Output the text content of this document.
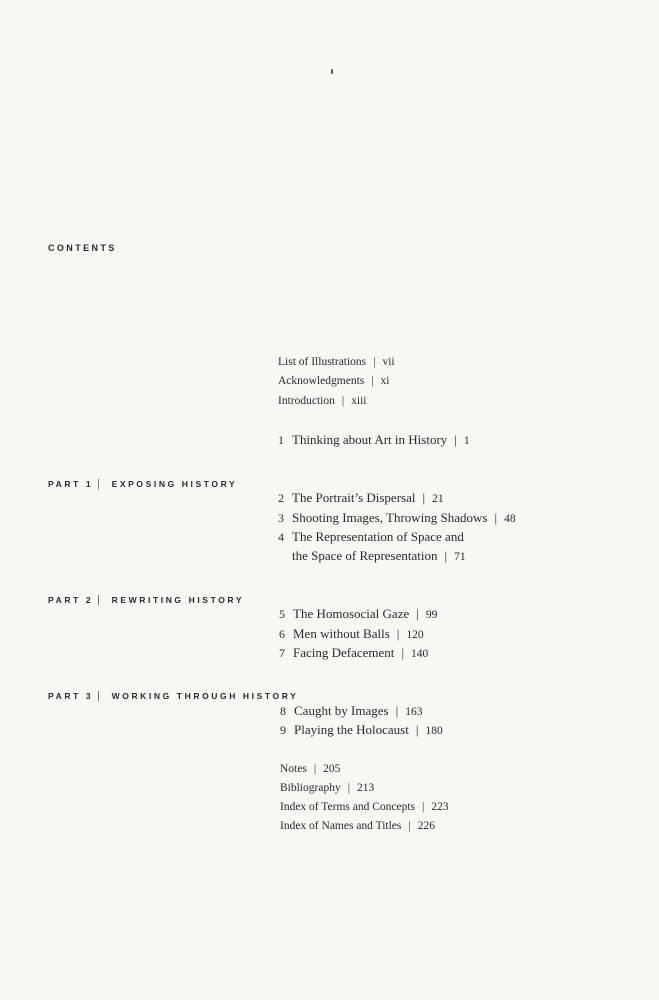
CONTENTS
List of Illustrations | vii
Acknowledgments | xi
Introduction | xiii
1 Thinking about Art in History | 1
PART 1 | EXPOSING HISTORY
2 The Portrait’s Dispersal | 21
3 Shooting Images, Throwing Shadows | 48
4 The Representation of Space and
the Space of Representation | 71
PART 2 | REWRITING HISTORY
5 The Homosocial Gaze | 99
6 Men without Balls | 120
7 Facing Defacement | 140
PART 3 | WORKING THROUGH HISTORY
8 Caught by Images | 163
9 Playing the Holocaust | 180
Notes | 205
Bibliography | 213
Index of Terms and Concepts | 223
Index of Names and Titles | 226
